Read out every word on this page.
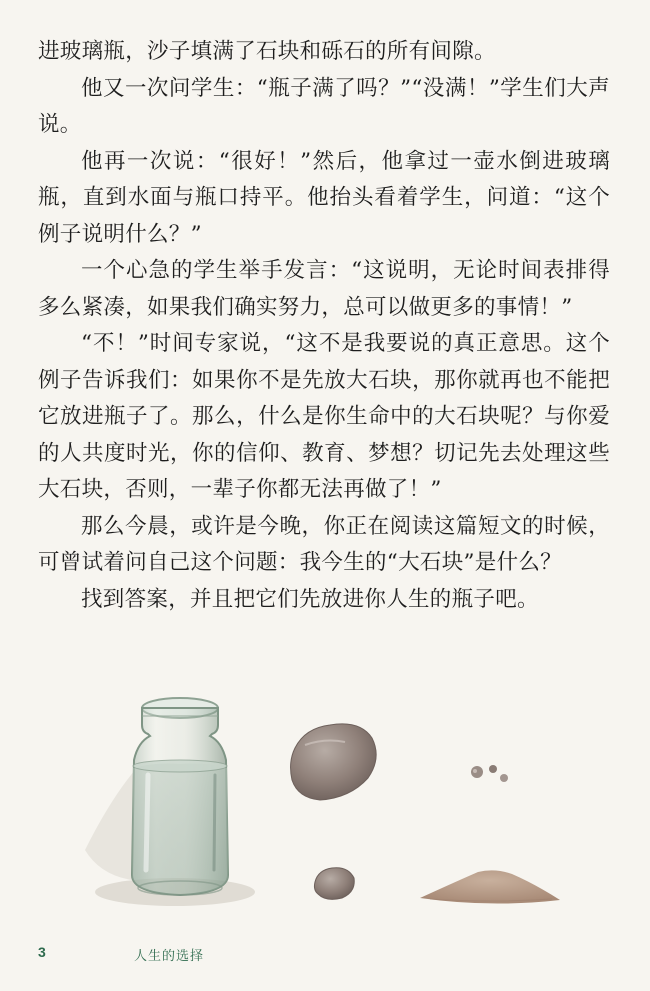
进玻璃瓶，沙子填满了石块和砾石的所有间隙。

他又一次问学生：“瓶子满了吗？”“没满！”学生们大声说。

他再一次说：“很好！”然后，他拿过一壶水倒进玻璃瓶，直到水面与瓶口持平。他抬头看着学生，问道：“这个例子说明什么？”

一个心急的学生举手发言：“这说明，无论时间表排得多么紧凑，如果我们确实努力，总可以做更多的事情！”

“不！”时间专家说，“这不是我要说的真正意思。这个例子告诉我们：如果你不是先放大石块，那你就再也不能把它放进瓶子了。那么，什么是你生命中的大石块呢？与你爱的人共度时光，你的信仰、教育、梦想？切记先去处理这些大石块，否则，一辈子你都无法再做了！”

那么今晨，或许是今晚，你正在阅读这篇短文的时候，可曾试着问自己这个问题：我今生的“大石块”是什么？

找到答案，并且把它们先放进你人生的瓶子吧。

3	人生的选择
